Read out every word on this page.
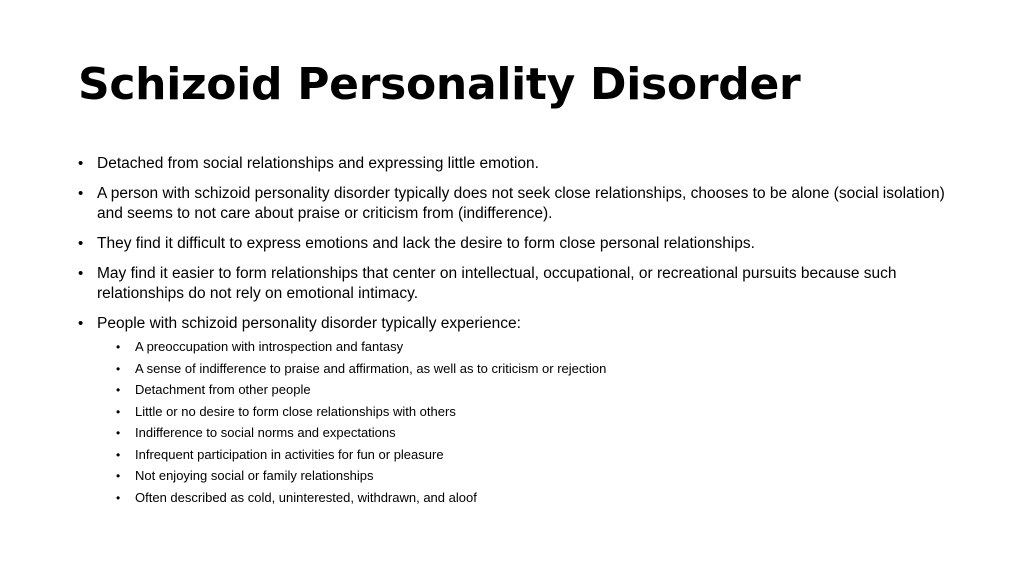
Schizoid Personality Disorder
• Detached from social relationships and expressing little emotion.
• A person with schizoid personality disorder typically does not seek close relationships, chooses to be alone (social isolation) and seems to not care about praise or criticism from (indifference).
• They find it difficult to express emotions and lack the desire to form close personal relationships.
• May find it easier to form relationships that center on intellectual, occupational, or recreational pursuits because such relationships do not rely on emotional intimacy.
• People with schizoid personality disorder typically experience:
• A preoccupation with introspection and fantasy
• A sense of indifference to praise and affirmation, as well as to criticism or rejection
• Detachment from other people
• Little or no desire to form close relationships with others
• Indifference to social norms and expectations
• Infrequent participation in activities for fun or pleasure
• Not enjoying social or family relationships
• Often described as cold, uninterested, withdrawn, and aloof
